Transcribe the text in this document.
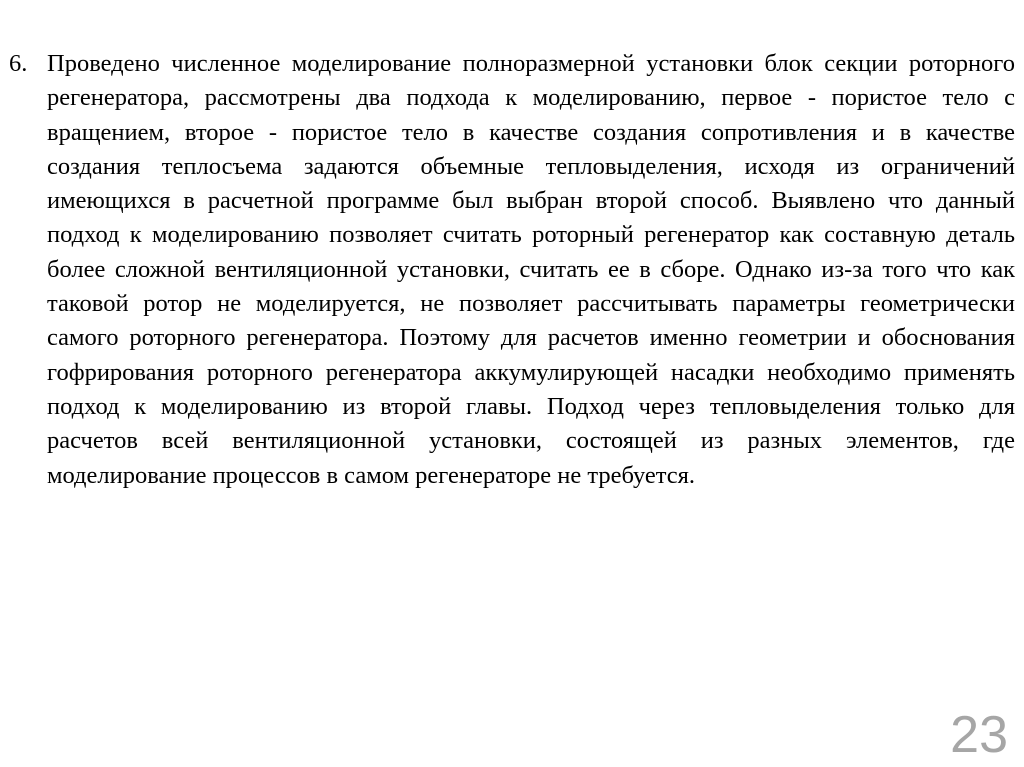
6. Проведено численное моделирование полноразмерной установки блок секции роторного регенератора, рассмотрены два подхода к моделированию, первое - пористое тело с вращением, второе - пористое тело в качестве создания сопротивления и в качестве создания теплосъема задаются объемные тепловыделения, исходя из ограничений имеющихся в расчетной программе был выбран второй способ. Выявлено что данный подход к моделированию позволяет считать роторный регенератор как составную деталь более сложной вентиляционной установки, считать ее в сборе. Однако из-за того что как таковой ротор не моделируется, не позволяет рассчитывать параметры геометрически самого роторного регенератора. Поэтому для расчетов именно геометрии и обоснования гофрирования роторного регенератора аккумулирующей насадки необходимо применять подход к моделированию из второй главы. Подход через тепловыделения только для расчетов всей вентиляционной установки, состоящей из разных элементов, где моделирование процессов в самом регенераторе не требуется.

23
